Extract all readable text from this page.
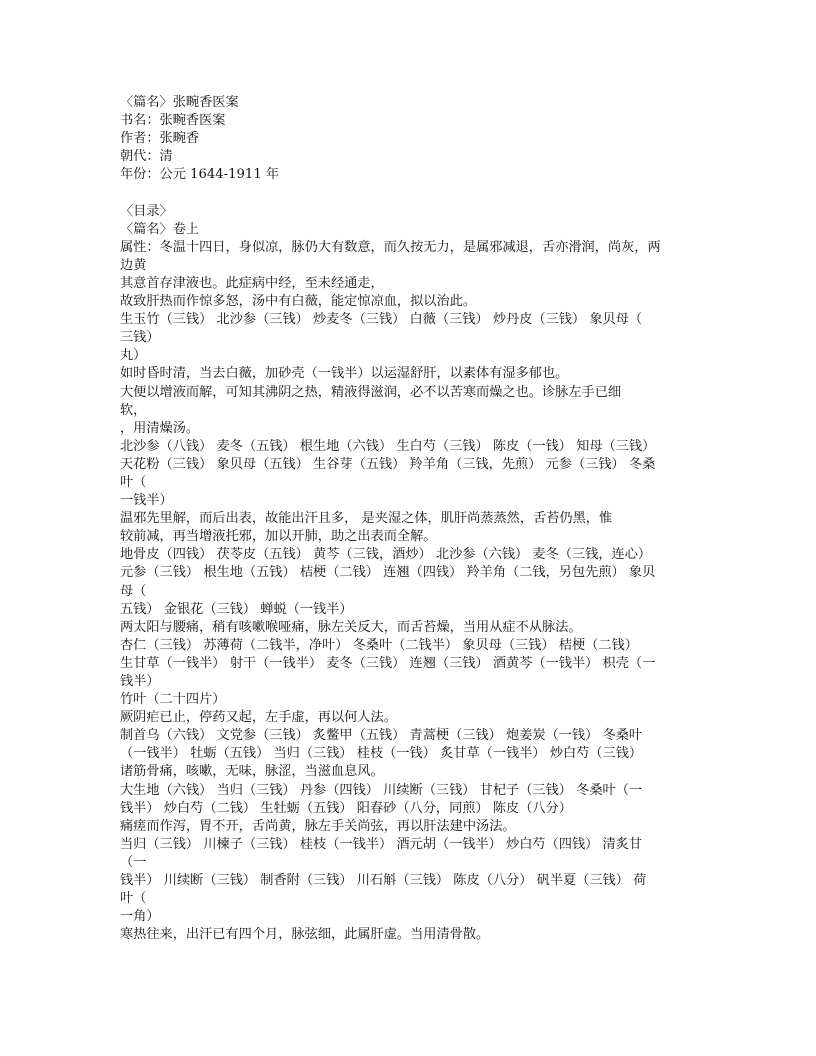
〈篇名〉张畹香医案
书名：张畹香医案
作者：张畹香
朝代：清
年份：公元 1644-1911 年
〈目录〉
〈篇名〉卷上
属性：冬温十四日，身似凉，脉仍大有数意，而久按无力，是属邪减退，舌亦滑润，尚灰，两
边黄
其意首存津液也。此症病中经，至未经通走，
故致肝热而作惊多怒，汤中有白薇，能定惊凉血，拟以治此。
生玉竹（三钱） 北沙参（三钱） 炒麦冬（三钱） 白薇（三钱） 炒丹皮（三钱） 象贝母（
三钱）
丸）
如时昏时清，当去白薇，加砂壳（一钱半）以运湿舒肝，以素体有湿多郁也。
大便以增液而解，可知其沸阴之热，精液得滋润，必不以苦寒而燥之也。诊脉左手已细
软，
，用清燥汤。
北沙参（八钱） 麦冬（五钱） 根生地（六钱） 生白芍（三钱） 陈皮（一钱） 知母（三钱）
天花粉（三钱） 象贝母（五钱） 生谷芽（五钱） 羚羊角（三钱，先煎） 元参（三钱） 冬桑
叶（
一钱半）
温邪先里解，而后出表，故能出汗且多， 是夹湿之体，肌肝尚蒸蒸然，舌苔仍黑，惟
较前减，再当增液托邪，加以开肺，助之出表而全解。
地骨皮（四钱） 茯苓皮（五钱） 黄芩（三钱，酒炒） 北沙参（六钱） 麦冬（三钱，连心）
元参（三钱） 根生地（五钱） 桔梗（二钱） 连翘（四钱） 羚羊角（二钱，另包先煎） 象贝
母（
五钱） 金银花（三钱） 蝉蜕（一钱半）
两太阳与腰痛，稍有咳嗽喉哑痛，脉左关反大，而舌苔燥，当用从症不从脉法。
杏仁（三钱） 苏薄荷（二钱半，净叶） 冬桑叶（二钱半） 象贝母（三钱） 桔梗（二钱）
生甘草（一钱半） 射干（一钱半） 麦冬（三钱） 连翘（三钱） 酒黄芩（一钱半） 枳壳（一
钱半）
竹叶（二十四片）
厥阴疟已止，停药又起，左手虚，再以何人法。
制首乌（六钱） 文党参（三钱） 炙鳖甲（五钱） 青蒿梗（三钱） 炮姜炭（一钱） 冬桑叶
（一钱半） 牡蛎（五钱） 当归（三钱） 桂枝（一钱） 炙甘草（一钱半） 炒白芍（三钱）
诸筋骨痛，咳嗽，无味，脉涩，当滋血息风。
大生地（六钱） 当归（三钱） 丹参（四钱） 川续断（三钱） 甘杞子（三钱） 冬桑叶（一
钱半） 炒白芍（二钱） 生牡蛎（五钱） 阳春砂（八分，同煎） 陈皮（八分）
痛瘥而作泻，胃不开，舌尚黄，脉左手关尚弦，再以肝法建中汤法。
当归（三钱） 川楝子（三钱） 桂枝（一钱半） 酒元胡（一钱半） 炒白芍（四钱） 清炙甘
（一
钱半） 川续断（三钱） 制香附（三钱） 川石斛（三钱） 陈皮（八分） 矾半夏（三钱） 荷
叶（
一角）
寒热往来，出汗已有四个月，脉弦细，此属肝虚。当用清骨散。
